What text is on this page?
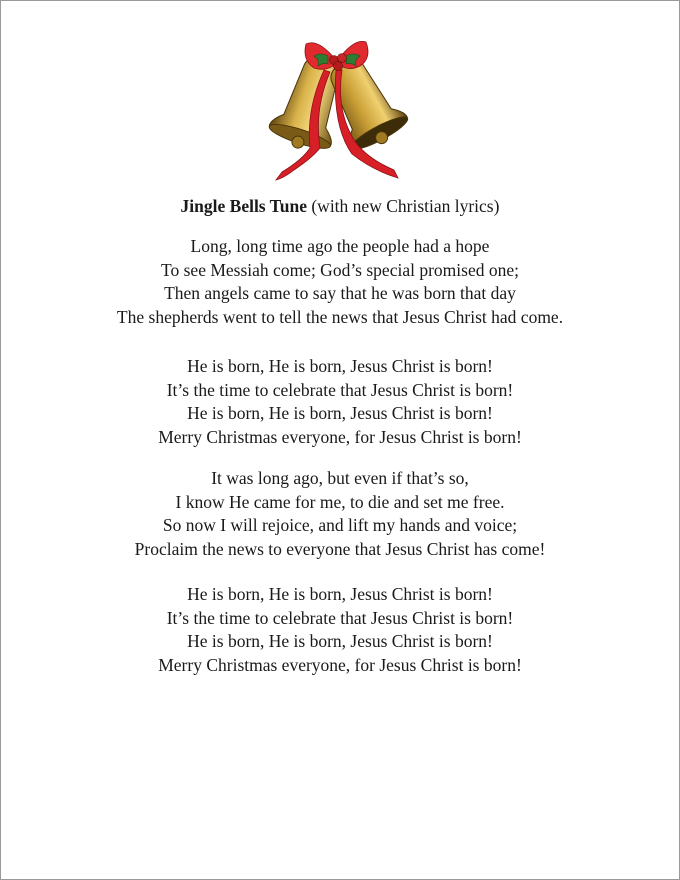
Jingle Bells Tune (with new Christian lyrics)
Long, long time ago the people had a hope
To see Messiah come; God’s special promised one;
Then angels came to say that he was born that day
The shepherds went to tell the news that Jesus Christ had come.
He is born, He is born, Jesus Christ is born!
It’s the time to celebrate that Jesus Christ is born!
He is born, He is born, Jesus Christ is born!
Merry Christmas everyone, for Jesus Christ is born!
It was long ago, but even if that’s so,
I know He came for me, to die and set me free.
So now I will rejoice, and lift my hands and voice;
Proclaim the news to everyone that Jesus Christ has come!
He is born, He is born, Jesus Christ is born!
It’s the time to celebrate that Jesus Christ is born!
He is born, He is born, Jesus Christ is born!
Merry Christmas everyone, for Jesus Christ is born!
